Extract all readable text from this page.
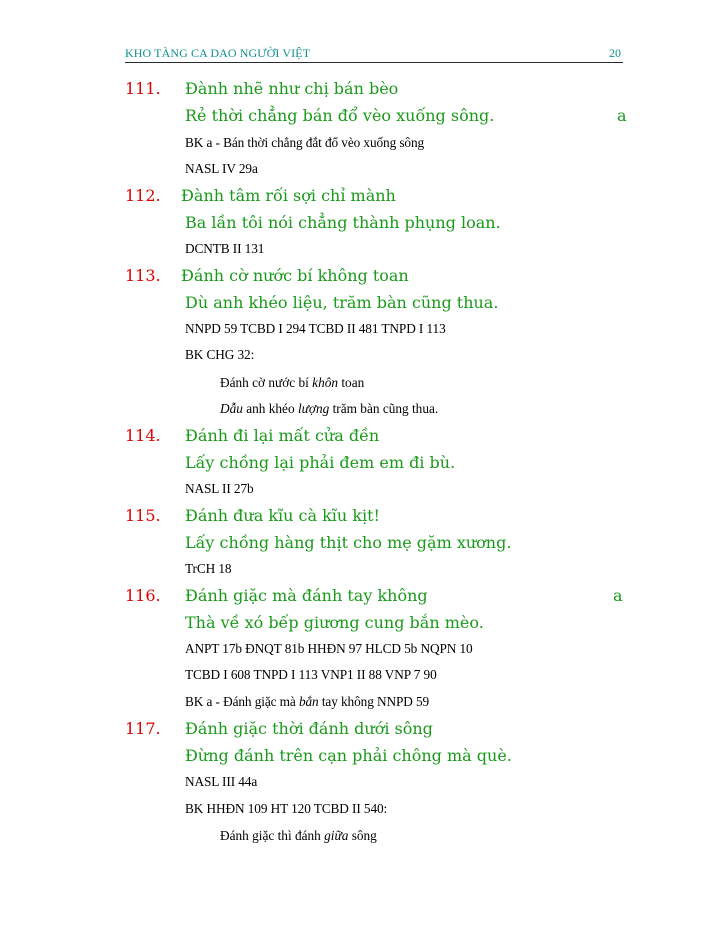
KHO TÀNG CA DAO NGƯỜI VIỆT	20
111. Đành nhẽ như chị bán bèo
Rẻ thời chẳng bán đổ vèo xuống sông.	a
BK a - Bán thời chẳng đắt đổ vèo xuống sông
NASL IV 29a
112. Đành tâm rối sợi chỉ mành
Ba lần tôi nói chẳng thành phụng loan.
DCNTB II 131
113. Đánh cờ nước bí không toan
Dù anh khéo liệu, trăm bàn cũng thua.
NNPD 59 TCBD I 294 TCBD II 481 TNPD I 113
BK CHG 32:
Đánh cờ nước bí khôn toan
Dẫu anh khéo lượng trăm bàn cũng thua.
114. Đánh đi lại mất cửa đền
Lấy chồng lại phải đem em đi bù.
NASL II 27b
115. Đánh đưa kĩu cà kĩu kịt!
Lấy chồng hàng thịt cho mẹ gặm xương.
TrCH 18
116. Đánh giặc mà đánh tay không	a
Thà về xó bếp giương cung bắn mèo.
ANPT 17b ĐNQT 81b HHĐN 97 HLCD 5b NQPN 10
TCBD I 608 TNPD I 113 VNP1 II 88 VNP 7 90
BK a - Đánh giặc mà bắn tay không NNPD 59
117. Đánh giặc thời đánh dưới sông
Đừng đánh trên cạn phải chông mà què.
NASL III 44a
BK HHĐN 109 HT 120 TCBD II 540:
Đánh giặc thì đánh giữa sông
